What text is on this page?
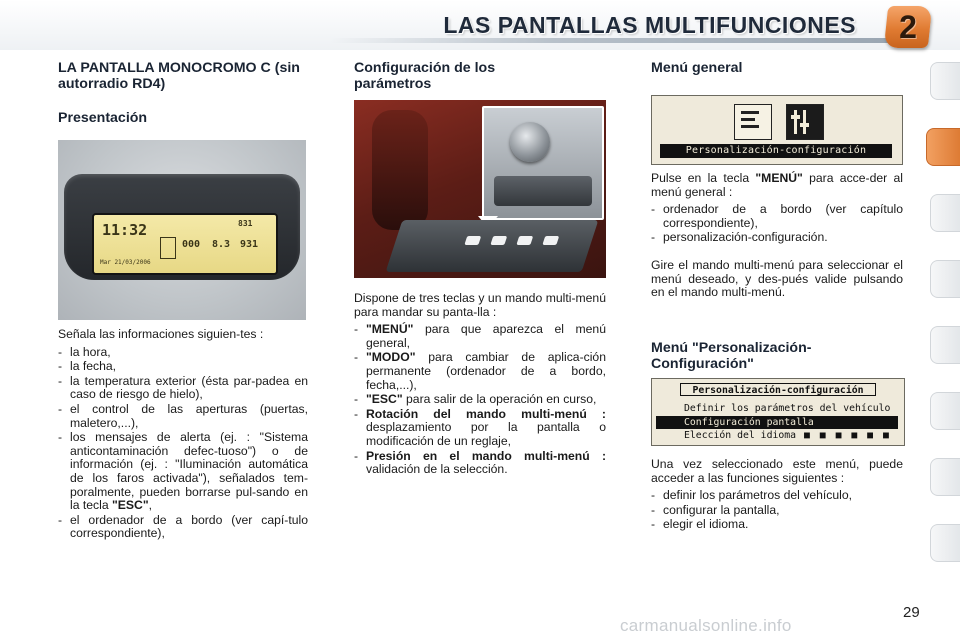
LAS PANTALLAS MULTIFUNCIONES	2
LA PANTALLA MONOCROMO C (sin autorradio RD4)
Presentación
11:32	831
Mar 21/03/2006
000 8.3 931

Señala las informaciones siguien-tes :

- la hora,
- la fecha,
- la temperatura exterior (ésta par-padea en caso de riesgo de hielo),
- el control de las aperturas (puertas, maletero,...),
- los mensajes de alerta (ej. : "Sistema anticontaminación defec-tuoso") o de información (ej. : "Iluminación automática de los faros activada"), señalados tem-poralmente, pueden borrarse pul-sando en la tecla "ESC",
- el ordenador de a bordo (ver capí-tulo correspondiente),
Configuración de los parámetros

Dispone de tres teclas y un mando multi-menú para mandar su panta-lla :

- "MENÚ" para que aparezca el menú general,
- "MODO" para cambiar de aplica-ción permanente (ordenador de a bordo, fecha,...),
- "ESC" para salir de la operación en curso,
- Rotación del mando multi-menú : desplazamiento por la pantalla o modificación de un reglaje,
- Presión en el mando multi-menú : validación de la selección.
Menú general
Personalización-configuración

Pulse en la tecla "MENÚ" para acce-der al menú general :

- ordenador de a bordo (ver capítulo correspondiente),
- personalización-configuración.

Gire el mando multi-menú para seleccionar el menú deseado, y des-pués valide pulsando en el mando multi-menú.

Menú "Personalización-Configuración"
Personalización-configuración
Definir los parámetros del vehículo
Configuración pantalla
Elección del idioma ■ ■ ■ ■ ■ ■

Una vez seleccionado este menú, puede acceder a las funciones siguientes :

- definir los parámetros del vehículo,
- configurar la pantalla,
- elegir el idioma.
carmanualsonline.info
29
